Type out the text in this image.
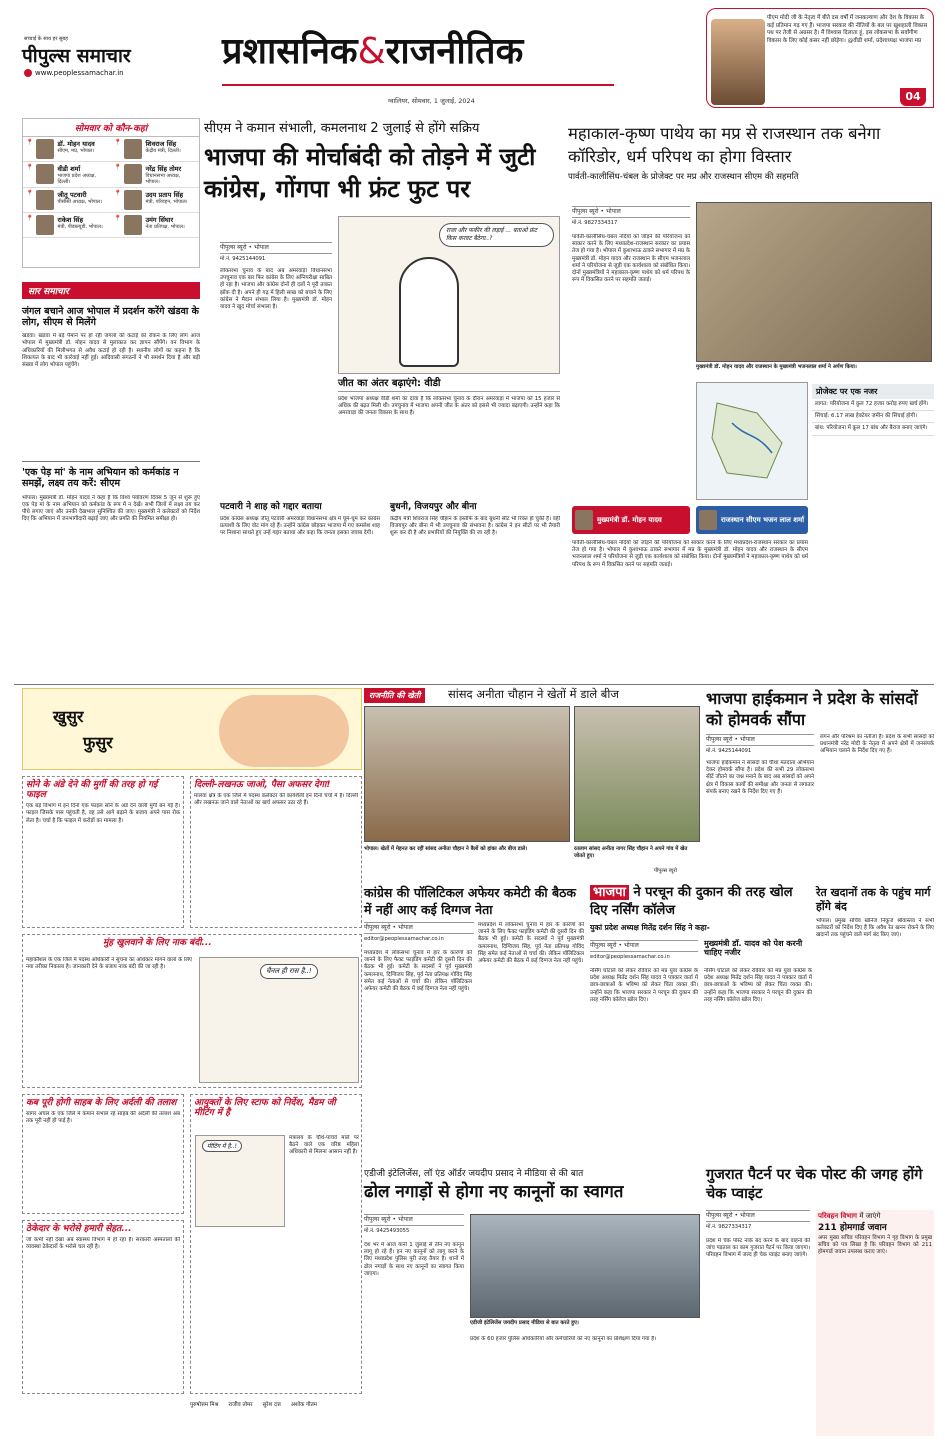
सच्चाई के साथ हर सुबह
पीपुल्स समाचार
www.peoplessamachar.in
प्रशासनिक&राजनीतिक
ग्वालियर, सोमवार, 1 जुलाई, 2024
पीएम मोदी जी के नेतृत्व में बीते दस वर्षों में जनकल्याण और देश के विकास के कई प्रतिमान गढ़ गए हैं। भाजपा सरकार की नीतियों के बल पर खुशहाली विकास पथ पर तेजी से अग्रसर है। मैं विश्वास दिलाता हूं, इस लोकसभा के सर्वांगीण विकास के लिए कोई कसर नहीं छोड़ेगा। @वीडी शर्मा, प्रदेशाध्यक्ष भाजपा मप्र
04
सोमवार को कौन-कहां
📍	डॉ. मोहन यादव
सीएम, मप्र, भोपाल।
📍	शिवराज सिंह
केंद्रीय मंत्री, दिल्ली।
📍	वीडी शर्मा
भाजपा प्रदेश अध्यक्ष, दिल्ली।
📍	नरेंद्र सिंह तोमर
विधानसभा अध्यक्ष, भोपाल।
📍	जीतू पटवारी
पीसीसी अध्यक्ष, भोपाल।
📍	उदय प्रताप सिंह
मंत्री, परिवहन, भोपाल।
📍	राकेश सिंह
मंत्री, पीडब्ल्यूडी, भोपाल।
📍	उमंग सिंघार
नेता प्रतिपक्ष, भोपाल।
सार समाचार
जंगल बचाने आज भोपाल में प्रदर्शन करेंगे खंडवा के लोग, सीएम से मिलेंगे
खंडवा। खंडवा में बड़े पैमाने पर हो रही जंगलों की कटाई को रोकने के लिए लोग आज भोपाल में मुख्यमंत्री डॉ. मोहन यादव से मुलाकात कर ज्ञापन सौंपेंगे। वन विभाग के अधिकारियों की मिलीभगत से अवैध कटाई हो रही है। स्थानीय लोगों का कहना है कि शिकायत के बाद भी कार्रवाई नहीं हुई। आदिवासी संगठनों ने भी समर्थन दिया है और बड़ी संख्या में लोग भोपाल पहुंचेंगे।
'एक पेड़ मां' के नाम अभियान को कर्मकांड न समझें, लक्ष्य तय करें: सीएम
भोपाल। मुख्यमंत्री डॉ. मोहन यादव ने कहा है कि विश्व पर्यावरण दिवस 5 जून से शुरू हुए एक पेड़ मां के नाम अभियान को कर्मकांड के रूप में न देखें। सभी जिलों में लक्ष्य तय कर पौधे लगाए जाएं और उनकी देखभाल सुनिश्चित की जाए। मुख्यमंत्री ने कलेक्टरों को निर्देश दिए कि अभियान में जनभागीदारी बढ़ाई जाए और प्रगति की नियमित समीक्षा हो।
सीएम ने कमान संभाली, कमलनाथ 2 जुलाई से होंगे सक्रिय
भाजपा की मोर्चाबंदी को तोड़ने में जुटी कांग्रेस, गोंगपा भी फ्रंट फुट पर
पीपुल्स ब्यूरो • भोपाल
मो.नं. 9425144091
लोकसभा चुनाव के बाद अब अमरवाड़ा विधानसभा उपचुनाव एक बार फिर कांग्रेस के लिए अग्निपरीक्षा साबित हो रहा है। भाजपा और कांग्रेस दोनों ही दलों ने पूरी ताकत झोंक दी है। अपने ही गढ़ में हिली साख को बचाने के लिए कांग्रेस ने मैदान संभाल लिया है। मुख्यमंत्री डॉ. मोहन यादव ने खुद मोर्चा संभाला है।
राजा और फकीर की लड़ाई ... बताओ फ्रंट किस करवट बैठेगा..?
जीत का अंतर बढ़ाएंगे: वीडी
प्रदेश भाजपा अध्यक्ष वीडी शर्मा का दावा है कि लोकसभा चुनाव के दौरान अमरवाड़ा में भाजपा को 15 हजार से अधिक की बढ़त मिली थी। उपचुनाव में भाजपा अपनी जीत के अंतर को इससे भी ज्यादा बढ़ाएगी। उन्होंने कहा कि अमरवाड़ा की जनता विकास के साथ है।
पटवारी ने शाह को गद्दार बताया
प्रदेश कांग्रेस अध्यक्ष जीतू पटवारी अमरवाड़ा विधानसभा क्षेत्र में घूम-घूम कर कांग्रेस प्रत्याशी के लिए वोट मांग रहे हैं। उन्होंने कांग्रेस छोड़कर भाजपा में गए कमलेश शाह पर निशाना साधते हुए उन्हें गद्दार बताया और कहा कि जनता इसका जवाब देगी।
बुधनी, विजयपुर और बीना
केंद्रीय मंत्री शिवराज सिंह चौहान के इस्तीफे के बाद बुधनी सीट भी रिक्त हो चुकी है। वहीं विजयपुर और बीना में भी उपचुनाव की संभावना है। कांग्रेस ने इन सीटों पर भी तैयारी शुरू कर दी है और प्रभारियों की नियुक्ति की जा रही है।
महाकाल-कृष्ण पाथेय का मप्र से राजस्थान तक बनेगा कॉरिडोर, धर्म परिपथ का होगा विस्तार
पार्वती-कालीसिंध-चंबल के प्रोजेक्ट पर मप्र और राजस्थान सीएम की सहमति
पीपुल्स ब्यूरो • भोपाल
मो.नं. 9827334317
पार्वती-कालीसिंध-चंबल नदियों को जोड़ने की परियोजना को साकार करने के लिए मध्यप्रदेश-राजस्थान सरकार का प्रयास तेज हो गया है। भोपाल में कुशाभाऊ ठाकरे सभागार में मप्र के मुख्यमंत्री डॉ. मोहन यादव और राजस्थान के सीएम भजनलाल शर्मा ने परियोजना से जुड़ी एक कार्यशाला को संबोधित किया। दोनों मुख्यमंत्रियों ने महाकाल-कृष्ण पाथेय को धर्म परिपथ के रूप में विकसित करने पर सहमति जताई।
मुख्यमंत्री डॉ. मोहन यादव और राजस्थान के मुख्यमंत्री भजनलाल शर्मा ने अर्पण किया।
प्रोजेक्ट पर एक नजर
लागत: परियोजना में कुल 72 हजार करोड़ रुपए खर्च होंगे।
सिंचाई: 6.17 लाख हेक्टेयर जमीन की सिंचाई होगी।
बांध: परियोजना में कुल 17 बांध और बैराज बनाए जाएंगे।
मुख्यमंत्री डॉ. मोहन यादव	राजस्थान सीएम भजन लाल शर्मा
पार्वती-कालीसिंध-चंबल नदियों को जोड़ने की परियोजना को साकार करने के लिए मध्यप्रदेश-राजस्थान सरकार का प्रयास तेज हो गया है। भोपाल में कुशाभाऊ ठाकरे सभागार में मप्र के मुख्यमंत्री डॉ. मोहन यादव और राजस्थान के सीएम भजनलाल शर्मा ने परियोजना से जुड़ी एक कार्यशाला को संबोधित किया। दोनों मुख्यमंत्रियों ने महाकाल-कृष्ण पाथेय को धर्म परिपथ के रूप में विकसित करने पर सहमति जताई।
खुसुर
फुसुर
सोने के अंडे देने की मुर्गी की तरह हो गई फाइल
एक बड़े विभाग में इन दिनों एक फाइल सोने के अंडे देने वाली मुर्गी बन गई है। फाइल जिसके पास पहुंचती है, वह उसे आगे बढ़ाने के बजाय अपने पास रोक लेता है। चर्चा है कि फाइल में करोड़ों का मामला है।
दिल्ली-लखनऊ जाओ, पैसा अफसर देगा!
मालवा क्षेत्र के एक जिले में पदस्थ कलेक्टर की कार्यशैली इन दिनों चर्चा में है। दिल्ली और लखनऊ जाने वाले नेताओं का खर्च अफसर उठा रहे हैं।
मुंह खुलवाने के लिए नाक बंदी...
महाकौशल के एक जिले में पदस्थ अधिकारी ने सूचना का अधिकार मांगने वालों के लिए नया तरीका निकाला है। जानकारी देने के बजाय नाक बंदी की जा रही है।	चैनल ही रास है..!
कब पूरी होगी साहब के लिए अर्दली की तलाश
सागर अंचल के एक जिले में कमान संभाल रहे साहब की अर्दली की तलाश अब तक पूरी नहीं हो पाई है।
आयुक्तों के लिए स्टाफ को निर्देश, मैडम जी मीटिंग में है
मीटिंग में है..!
मंत्रालय के चौथे-पांचवें माले पर बैठने वाले एक वरिष्ठ महिला अधिकारी से मिलना आसान नहीं है।
ठेकेदार के भरोसे हमारी सेहत...
जो कभी नहीं देखा अब स्वास्थ्य विभाग में हो रहा है। सरकारी अस्पतालों की व्यवस्था ठेकेदारों के भरोसे चल रही है।
पुरुषोत्तम मिश्र राजीव तोमर सुरेश दत्त अशोक गौतम
राजनीति की खेती	सांसद अनीता चौहान ने खेतों में डाले बीज
भोपाल। खेतों में मेहनत कर रहीं सांसद अनीता चौहान ने बैलों को हांका और बीज डाले।	रतलाम सांसद अनीता नागर सिंह चौहान ने अपने गांव में खेत जोतते हुए।
पीपुल्स ब्यूरो
भाजपा हाईकमान ने प्रदेश के सांसदों को होमवर्क सौंपा
पीपुल्स ब्यूरो • भोपाल
मो.नं. 9425144091
भाजपा हाईकमान ने सांसदों को चौथा मतदाता अभियान देकर होमवर्क सौंपा है। प्रदेश की सभी 29 लोकसभा सीटें जीतने का जश्न मनाने के बाद अब सांसदों को अपने क्षेत्र में विकास कार्यों की समीक्षा और जनता से लगातार संपर्क बनाए रखने के निर्देश दिए गए हैं।
लगन और परिश्रम का नतीजा है। प्रदेश के सभी सांसदों को प्रधानमंत्री नरेंद्र मोदी के नेतृत्व में अपने क्षेत्रों में जनसंपर्क अभियान चलाने के निर्देश दिए गए हैं।
रेत खदानों तक के पहुंच मार्ग होंगे बंद
भोपाल। प्रमुख सचिव खनिज निकुंज श्रीवास्तव ने सभी कलेक्टरों को निर्देश दिए हैं कि अवैध रेत खनन रोकने के लिए खदानों तक पहुंचने वाले मार्ग बंद किए जाएं।
कांग्रेस की पॉलिटिकल अफेयर कमेटी की बैठक में नहीं आए कई दिग्गज नेता
पीपुल्स ब्यूरो • भोपाल
editor@peoplessamachar.co.in
मध्यप्रदेश में लोकसभा चुनाव में हार के कारणों को जानने के लिए फैक्ट फाइंडिंग कमेटी की दूसरी दिन की बैठक भी हुई। कमेटी के सदस्यों ने पूर्व मुख्यमंत्री कमलनाथ, दिग्विजय सिंह, पूर्व नेता प्रतिपक्ष गोविंद सिंह समेत कई नेताओं से चर्चा की। लेकिन पॉलिटिकल अफेयर कमेटी की बैठक में कई दिग्गज नेता नहीं पहुंचे।
मध्यप्रदेश में लोकसभा चुनाव में हार के कारणों को जानने के लिए फैक्ट फाइंडिंग कमेटी की दूसरी दिन की बैठक भी हुई। कमेटी के सदस्यों ने पूर्व मुख्यमंत्री कमलनाथ, दिग्विजय सिंह, पूर्व नेता प्रतिपक्ष गोविंद सिंह समेत कई नेताओं से चर्चा की। लेकिन पॉलिटिकल अफेयर कमेटी की बैठक में कई दिग्गज नेता नहीं पहुंचे।
भाजपा ने परचून की दुकान की तरह खोल दिए नर्सिंग कॉलेज
युकां प्रदेश अध्यक्ष मितेंद्र दर्शन सिंह ने कहा-
पीपुल्स ब्यूरो • भोपाल
editor@peoplessamachar.co.in
नर्सिंग घोटाले को लेकर रविवार को मप्र युवा कांग्रेस के प्रदेश अध्यक्ष मितेंद्र दर्शन सिंह यादव ने पत्रकार वार्ता में छात्र-छात्राओं के भविष्य को लेकर चिंता व्यक्त की। उन्होंने कहा कि भाजपा सरकार ने परचून की दुकान की तरह नर्सिंग कॉलेज खोल दिए।
मुख्यमंत्री डॉ. यादव को पेश करनी चाहिए नजीर
नर्सिंग घोटाले को लेकर रविवार को मप्र युवा कांग्रेस के प्रदेश अध्यक्ष मितेंद्र दर्शन सिंह यादव ने पत्रकार वार्ता में छात्र-छात्राओं के भविष्य को लेकर चिंता व्यक्त की। उन्होंने कहा कि भाजपा सरकार ने परचून की दुकान की तरह नर्सिंग कॉलेज खोल दिए।
एडीजी इंटेलिजेंस, लॉ एंड ऑर्डर जयदीप प्रसाद ने मीडिया से की बात
ढोल नगाड़ों से होगा नए कानूनों का स्वागत
पीपुल्स ब्यूरो • भोपाल
मो.नं. 9425493055
देश भर में आज यानी 1 जुलाई से तीन नए कानून लागू हो रहे हैं। इन नए कानूनों को लागू करने के लिए मध्यप्रदेश पुलिस पूरी तरह तैयार है। थानों में ढोल नगाड़ों के साथ नए कानूनों का स्वागत किया जाएगा।
एडीजी इंटेलिजेंस जयदीप प्रसाद मीडिया से बात करते हुए।
प्रदेश के 60 हजार पुलिस अधिकारियों और कर्मचारियों को नए कानूनों का प्रशिक्षण दिया गया है।
गुजरात पैटर्न पर चेक पोस्ट की जगह होंगे चेक प्वाइंट
पीपुल्स ब्यूरो • भोपाल
मो.नं. 9827334317
प्रदेश में चेक पोस्ट नाके बंद करने के बाद वाहनों की जांच पड़ताल का काम गुजरात पैटर्न पर किया जाएगा। परिवहन विभाग में जल्द ही चेक प्वाइंट बनाए जाएंगे।
परिवहन विभाग में जाएंगे
211 होमगार्ड जवान
अपर मुख्य सचिव परिवहन विभाग ने गृह विभाग के प्रमुख सचिव को पत्र लिखा है कि परिवहन विभाग को 211 होमगार्ड जवान उपलब्ध कराए जाएं।
